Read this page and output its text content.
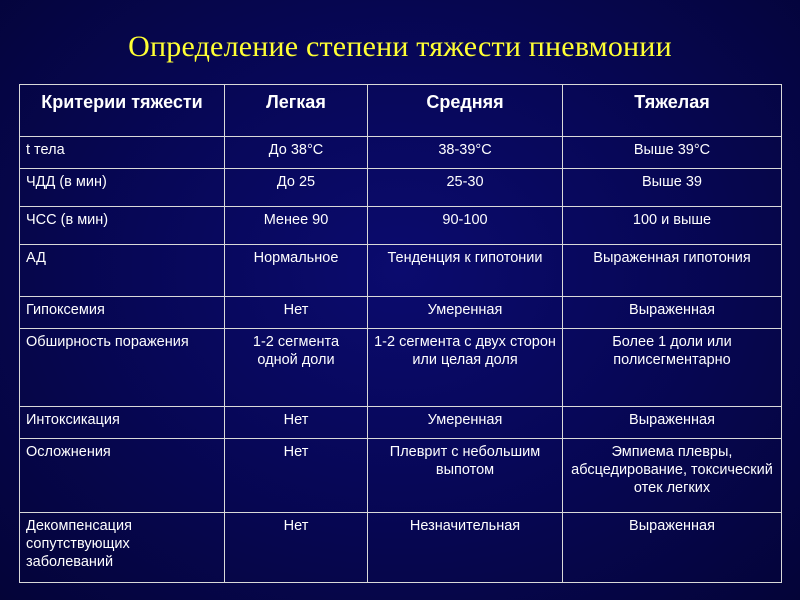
Определение степени тяжести пневмонии
Критерии тяжести	Легкая	Средняя	Тяжелая
t тела	До 38°C	38-39°C	Выше 39°C
ЧДД (в мин)	До 25	25-30	Выше 39
ЧСС (в мин)	Менее 90	90-100	100 и выше
АД	Нормальное	Тенденция к гипотонии	Выраженная гипотония
Гипоксемия	Нет	Умеренная	Выраженная
Обширность поражения	1-2 сегмента одной доли	1-2 сегмента с двух сторон или целая доля	Более 1 доли или полисегментарно
Интоксикация	Нет	Умеренная	Выраженная
Осложнения	Нет	Плеврит с небольшим выпотом	Эмпиема плевры, абсцедирование, токсический отек легких
Декомпенсация сопутствующих заболеваний	Нет	Незначительная	Выраженная
